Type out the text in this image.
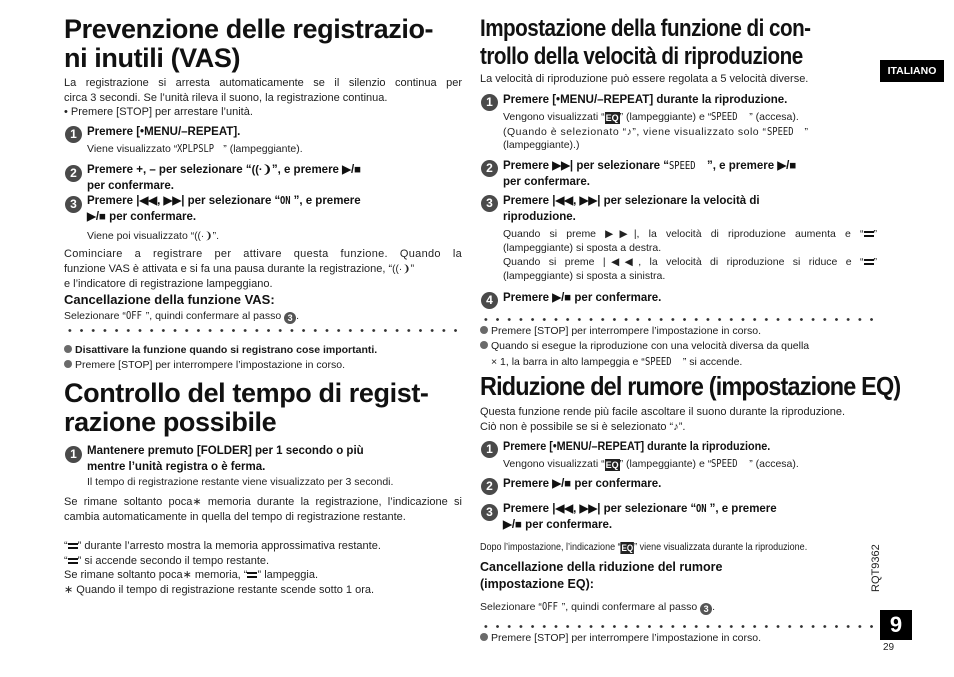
Prevenzione delle registrazio-
ni inutili (VAS)
La registrazione si arresta automaticamente se il silenzio continua per
circa 3 secondi. Se l’unità rileva il suono, la registrazione continua.
• Premere [STOP] per arrestare l’unità.
1 Premere [•MENU/–REPEAT].
Viene visualizzato “XPLPSLP ” (lampeggiante).
2 Premere +, – per selezionare “((·❩”, e premere ▶/■
per confermare.
3 Premere |◀◀, ▶▶| per selezionare “ON ”, e premere
▶/■ per confermare.
Viene poi visualizzato “((·❩”.
Cominciare a registrare per attivare questa funzione. Quando la
funzione VAS è attivata e si fa una pausa durante la registrazione, “((·❩”
e l’indicatore di registrazione lampeggiano.
Cancellazione della funzione VAS:
Selezionare “OFF ”, quindi confermare al passo 3 .
Disattivare la funzione quando si registrano cose importanti.
Premere [STOP] per interrompere l’impostazione in corso.
Controllo del tempo di regist-
razione possibile
1 Mantenere premuto [FOLDER] per 1 secondo o più
mentre l’unità registra o è ferma.
Il tempo di registrazione restante viene visualizzato per 3 secondi.
Se rimane soltanto poca∗ memoria durante la registrazione, l’indicazione si
cambia automaticamente in quella del tempo di registrazione restante.
“ ” durante l’arresto mostra la memoria approssimativa restante.
“ ” si accende secondo il tempo restante.
Se rimane soltanto poca∗ memoria, “ ” lampeggia.
∗ Quando il tempo di registrazione restante scende sotto 1 ora.
Impostazione della funzione di con-
trollo della velocità di riproduzione
La velocità di riproduzione può essere regolata a 5 velocità diverse.
1 Premere [•MENU/–REPEAT] durante la riproduzione.
Vengono visualizzati “EQ” (lampeggiante) e “SPEED ” (accesa).
(Quando è selezionato “♪”, viene visualizzato solo “SPEED ”
(lampeggiante).)
2 Premere ▶▶| per selezionare “SPEED ”, e premere ▶/■
per confermare.
3 Premere |◀◀, ▶▶| per selezionare la velocità di
riproduzione.
Quando si preme ▶▶|, la velocità di riproduzione aumenta e “ ”
(lampeggiante) si sposta a destra.
Quando si preme |◀◀, la velocità di riproduzione si riduce e “ ”
(lampeggiante) si sposta a sinistra.
4 Premere ▶/■ per confermare.
Premere [STOP] per interrompere l’impostazione in corso.
Quando si esegue la riproduzione con una velocità diversa da quella
× 1, la barra in alto lampeggia e “SPEED ” si accende.
Riduzione del rumore (impostazione EQ)
Questa funzione rende più facile ascoltare il suono durante la riproduzione.
Ciò non è possibile se si è selezionato “♪”.
1 Premere [•MENU/–REPEAT] durante la riproduzione.
Vengono visualizzati “EQ” (lampeggiante) e “SPEED ” (accesa).
2 Premere ▶/■ per confermare.
3 Premere |◀◀, ▶▶| per selezionare “ON ”, e premere
▶/■ per confermare.
Dopo l’impostazione, l’indicazione “EQ” viene visualizzata durante la riproduzione.
Cancellazione della riduzione del rumore
(impostazione EQ):
Selezionare “OFF ”, quindi confermare al passo 3 .
Premere [STOP] per interrompere l’impostazione in corso.
ITALIANO
RQT9362
9
29
